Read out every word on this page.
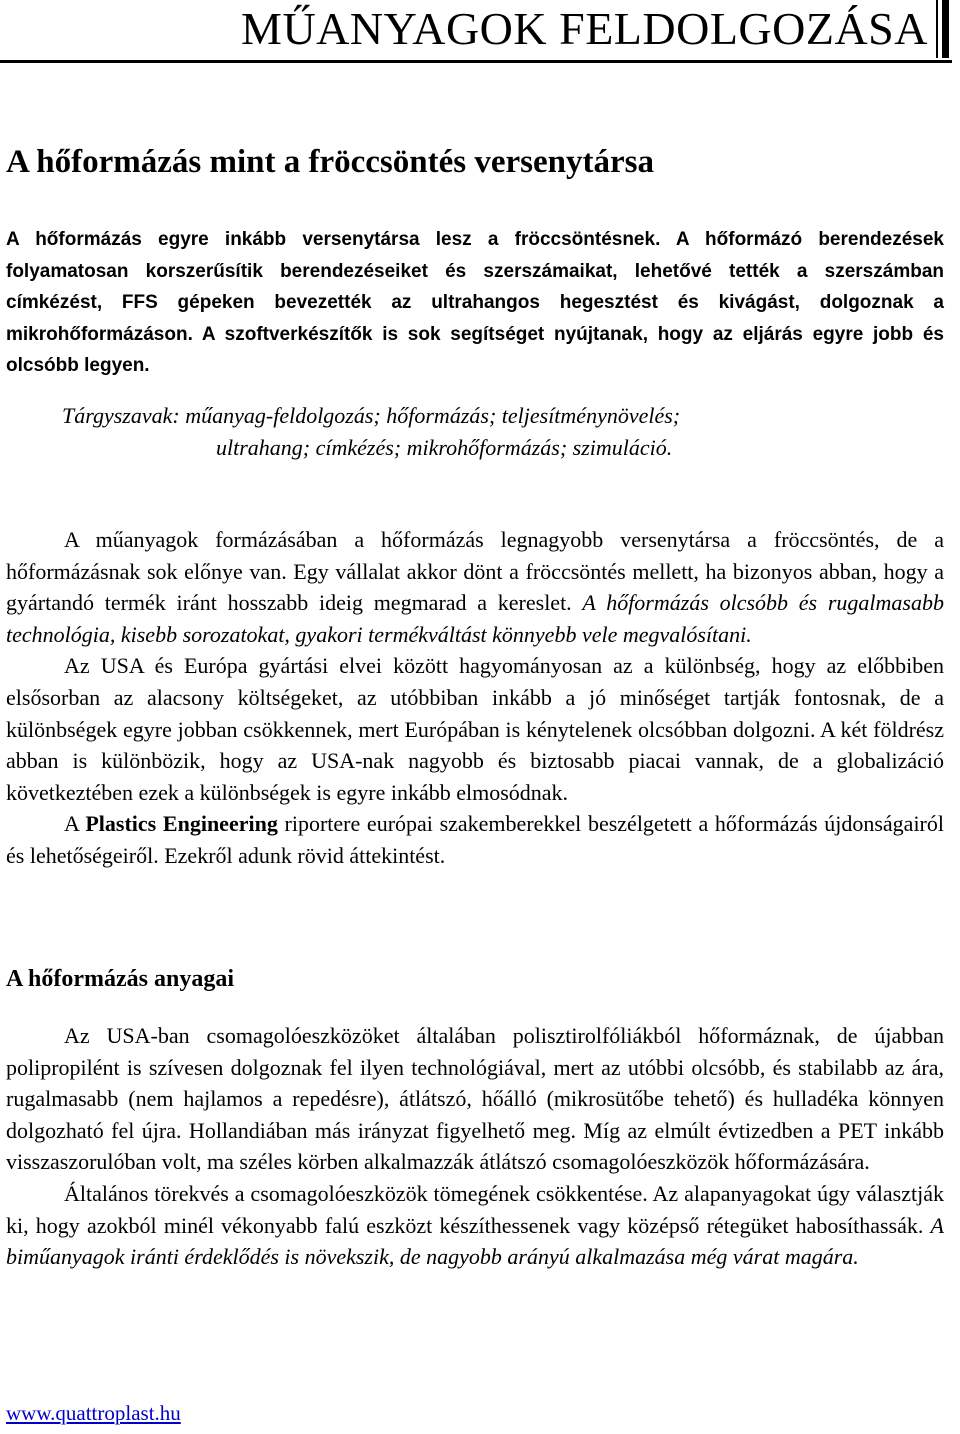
MŰANYAGOK FELDOLGOZÁSA
A hőformázás mint a fröccsöntés versenytársa

A hőformázás egyre inkább versenytársa lesz a fröccsöntésnek. A hőformázó berendezések folyamatosan korszerűsítik berendezéseiket és szerszámaikat, lehetővé tették a szerszámban címkézést, FFS gépeken bevezették az ultrahangos hegesztést és kivágást, dolgoznak a mikrohőformázáson. A szoftverkészítők is sok segítséget nyújtanak, hogy az eljárás egyre jobb és olcsóbb legyen.

Tárgyszavak: műanyag-feldolgozás; hőformázás; teljesítménynövelés;
ultrahang; címkézés; mikrohőformázás; szimuláció.

A műanyagok formázásában a hőformázás legnagyobb versenytársa a fröccsöntés, de a hőformázásnak sok előnye van. Egy vállalat akkor dönt a fröccsöntés mellett, ha bizonyos abban, hogy a gyártandó termék iránt hosszabb ideig megmarad a kereslet. A hőformázás olcsóbb és rugalmasabb technológia, kisebb sorozatokat, gyakori termékváltást könnyebb vele megvalósítani.

Az USA és Európa gyártási elvei között hagyományosan az a különbség, hogy az előbbiben elsősorban az alacsony költségeket, az utóbbiban inkább a jó minőséget tartják fontosnak, de a különbségek egyre jobban csökkennek, mert Európában is kénytelenek olcsóbban dolgozni. A két földrész abban is különbözik, hogy az USA-nak nagyobb és biztosabb piacai vannak, de a globalizáció következtében ezek a különbségek is egyre inkább elmosódnak.

A Plastics Engineering riportere európai szakemberekkel beszélgetett a hőformázás újdonságairól és lehetőségeiről. Ezekről adunk rövid áttekintést.

A hőformázás anyagai

Az USA-ban csomagolóeszközöket általában polisztirolfóliákból hőformáznak, de újabban polipropilént is szívesen dolgoznak fel ilyen technológiával, mert az utóbbi olcsóbb, és stabilabb az ára, rugalmasabb (nem hajlamos a repedésre), átlátszó, hőálló (mikrosütőbe tehető) és hulladéka könnyen dolgozható fel újra. Hollandiában más irányzat figyelhető meg. Míg az elmúlt évtizedben a PET inkább visszaszorulóban volt, ma széles körben alkalmazzák átlátszó csomagolóeszközök hőformázására.

Általános törekvés a csomagolóeszközök tömegének csökkentése. Az alapanyagokat úgy választják ki, hogy azokból minél vékonyabb falú eszközt készíthessenek vagy középső rétegüket habosíthassák. A biműanyagok iránti érdeklődés is növekszik, de nagyobb arányú alkalmazása még várat magára.

www.quattroplast.hu
